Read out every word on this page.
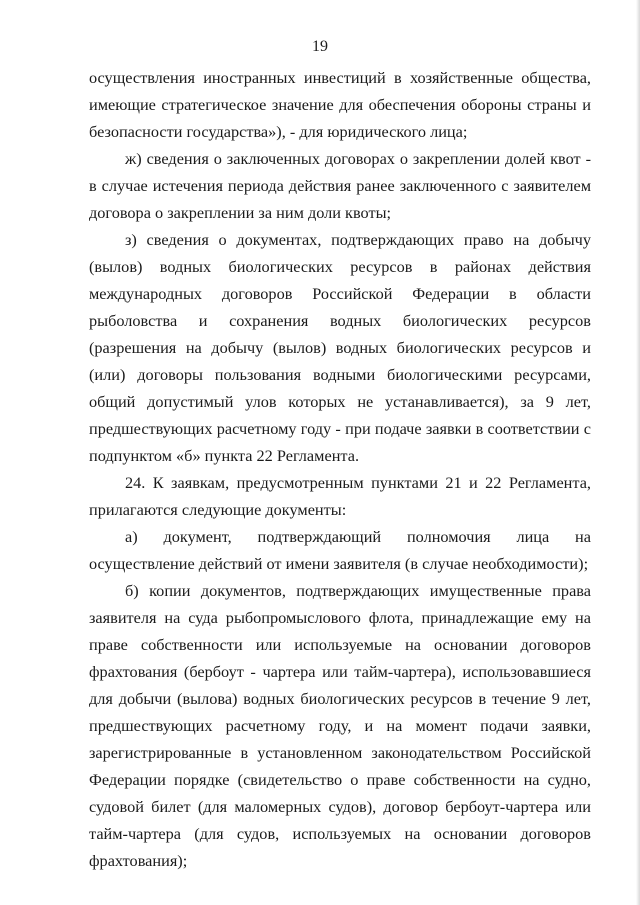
19

осуществления иностранных инвестиций в хозяйственные общества, имеющие стратегическое значение для обеспечения обороны страны и безопасности государства»), - для юридического лица;

ж) сведения о заключенных договорах о закреплении долей квот - в случае истечения периода действия ранее заключенного с заявителем договора о закреплении за ним доли квоты;

з) сведения о документах, подтверждающих право на добычу (вылов) водных биологических ресурсов в районах действия международных договоров Российской Федерации в области рыболовства и сохранения водных биологических ресурсов (разрешения на добычу (вылов) водных биологических ресурсов и (или) договоры пользования водными биологическими ресурсами, общий допустимый улов которых не устанавливается), за 9 лет, предшествующих расчетному году - при подаче заявки в соответствии с подпунктом «б» пункта 22 Регламента.

24. К заявкам, предусмотренным пунктами 21 и 22 Регламента, прилагаются следующие документы:

а) документ, подтверждающий полномочия лица на осуществление действий от имени заявителя (в случае необходимости);

б) копии документов, подтверждающих имущественные права заявителя на суда рыбопромыслового флота, принадлежащие ему на праве собственности или используемые на основании договоров фрахтования (бербоут - чартера или тайм-чартера), использовавшиеся для добычи (вылова) водных биологических ресурсов в течение 9 лет, предшествующих расчетному году, и на момент подачи заявки, зарегистрированные в установленном законодательством Российской Федерации порядке (свидетельство о праве собственности на судно, судовой билет (для маломерных судов), договор бербоут-чартера или тайм-чартера (для судов, используемых на основании договоров фрахтования);
